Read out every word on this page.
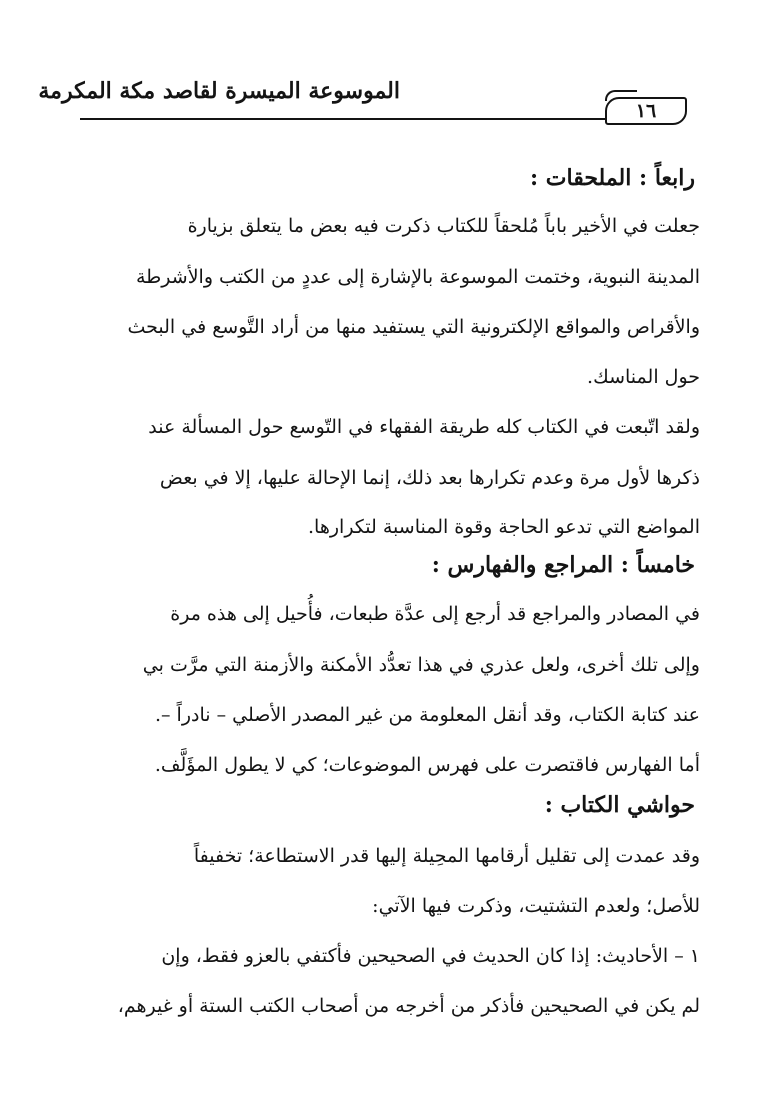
الموسوعة الميسرة لقاصد مكة المكرمة
١٦
رابعاً : الملحقات :
جعلت في الأخير باباً مُلحقاً للكتاب ذكرت فيه بعض ما يتعلق بزيارة
المدينة النبوية، وختمت الموسوعة بالإشارة إلى عددٍ من الكتب والأشرطة
والأقراص والمواقع الإلكترونية التي يستفيد منها من أراد التَّوسع في البحث
حول المناسك.
ولقد اتّبعت في الكتاب كله طريقة الفقهاء في التّوسع حول المسألة عند
ذكرها لأول مرة وعدم تكرارها بعد ذلك، إنما الإحالة عليها، إلا في بعض
المواضع التي تدعو الحاجة وقوة المناسبة لتكرارها.
خامساً : المراجع والفهارس :
في المصادر والمراجع قد أرجع إلى عدَّة طبعات، فأُحيل إلى هذه مرة
وإلى تلك أخرى، ولعل عذري في هذا تعدُّد الأمكنة والأزمنة التي مرَّت بي
عند كتابة الكتاب، وقد أنقل المعلومة من غير المصدر الأصلي – نادراً –.
أما الفهارس فاقتصرت على فهرس الموضوعات؛ كي لا يطول المؤَلَّف.
حواشي الكتاب :
وقد عمدت إلى تقليل أرقامها المحِيلة إليها قدر الاستطاعة؛ تخفيفاً
للأصل؛ ولعدم التشتيت، وذكرت فيها الآتي:
١ – الأحاديث: إذا كان الحديث في الصحيحين فأكتفي بالعزو فقط، وإن
لم يكن في الصحيحين فأذكر من أخرجه من أصحاب الكتب الستة أو غيرهم،
